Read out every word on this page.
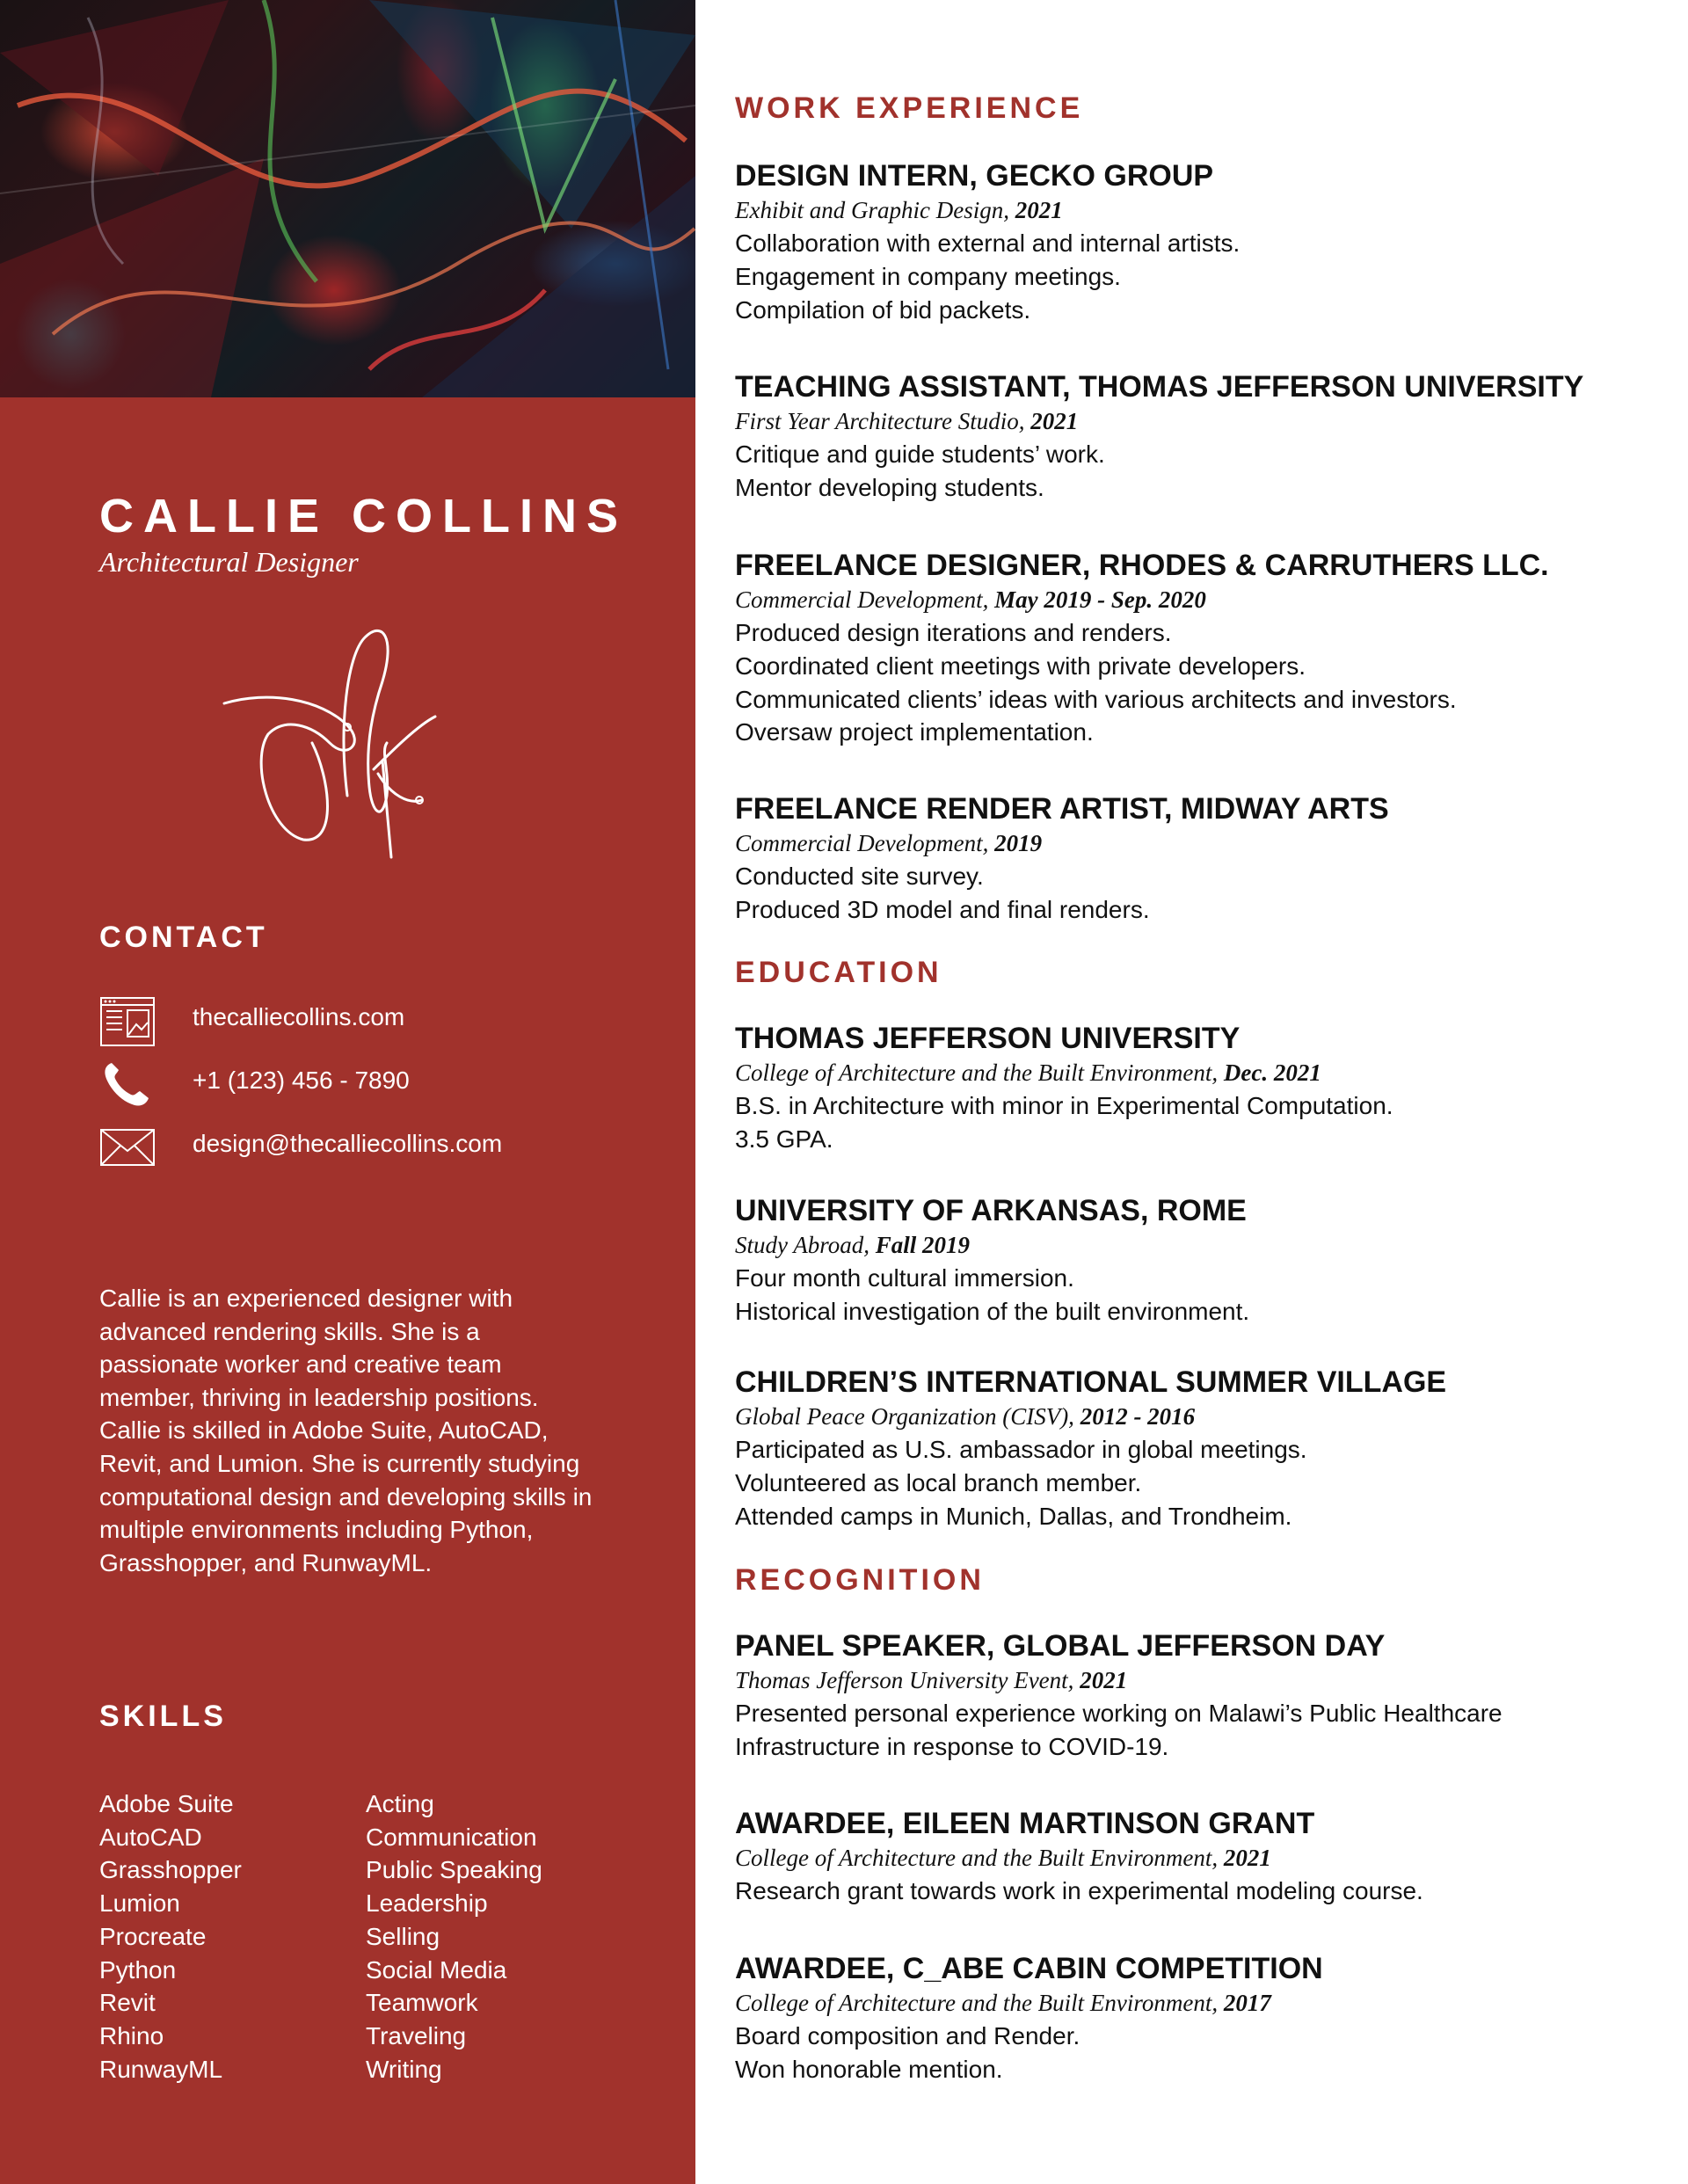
CALLIE COLLINS
Architectural Designer
CONTACT
thecalliecollins.com
+1 (123) 456 - 7890
design@thecalliecollins.com

Callie is an experienced designer with advanced rendering skills. She is a passionate worker and creative team member, thriving in leadership positions. Callie is skilled in Adobe Suite, AutoCAD, Revit, and Lumion. She is currently studying computational design and developing skills in multiple environments including Python, Grasshopper, and RunwayML.

SKILLS
Adobe Suite
AutoCAD
Grasshopper
Lumion
Procreate
Python
Revit
Rhino
RunwayML
Acting
Communication
Public Speaking
Leadership
Selling
Social Media
Teamwork
Traveling
Writing
WORK EXPERIENCE
DESIGN INTERN, GECKO GROUP

Exhibit and Graphic Design, 2021

Collaboration with external and internal artists.

Engagement in company meetings.

Compilation of bid packets.

TEACHING ASSISTANT, THOMAS JEFFERSON UNIVERSITY

First Year Architecture Studio, 2021

Critique and guide students’ work.

Mentor developing students.

FREELANCE DESIGNER, RHODES & CARRUTHERS LLC.

Commercial Development, May 2019 - Sep. 2020

Produced design iterations and renders.

Coordinated client meetings with private developers.

Communicated clients’ ideas with various architects and investors.

Oversaw project implementation.

FREELANCE RENDER ARTIST, MIDWAY ARTS

Commercial Development, 2019

Conducted site survey.

Produced 3D model and final renders.

EDUCATION
THOMAS JEFFERSON UNIVERSITY

College of Architecture and the Built Environment, Dec. 2021

B.S. in Architecture with minor in Experimental Computation.

3.5 GPA.

UNIVERSITY OF ARKANSAS, ROME

Study Abroad, Fall 2019

Four month cultural immersion.

Historical investigation of the built environment.

CHILDREN’S INTERNATIONAL SUMMER VILLAGE

Global Peace Organization (CISV), 2012 - 2016

Participated as U.S. ambassador in global meetings.

Volunteered as local branch member.

Attended camps in Munich, Dallas, and Trondheim.

RECOGNITION
PANEL SPEAKER, GLOBAL JEFFERSON DAY

Thomas Jefferson University Event, 2021

Presented personal experience working on Malawi’s Public Healthcare

Infrastructure in response to COVID-19.

AWARDEE, EILEEN MARTINSON GRANT

College of Architecture and the Built Environment, 2021

Research grant towards work in experimental modeling course.

AWARDEE, C_ABE CABIN COMPETITION

College of Architecture and the Built Environment, 2017

Board composition and Render.

Won honorable mention.
